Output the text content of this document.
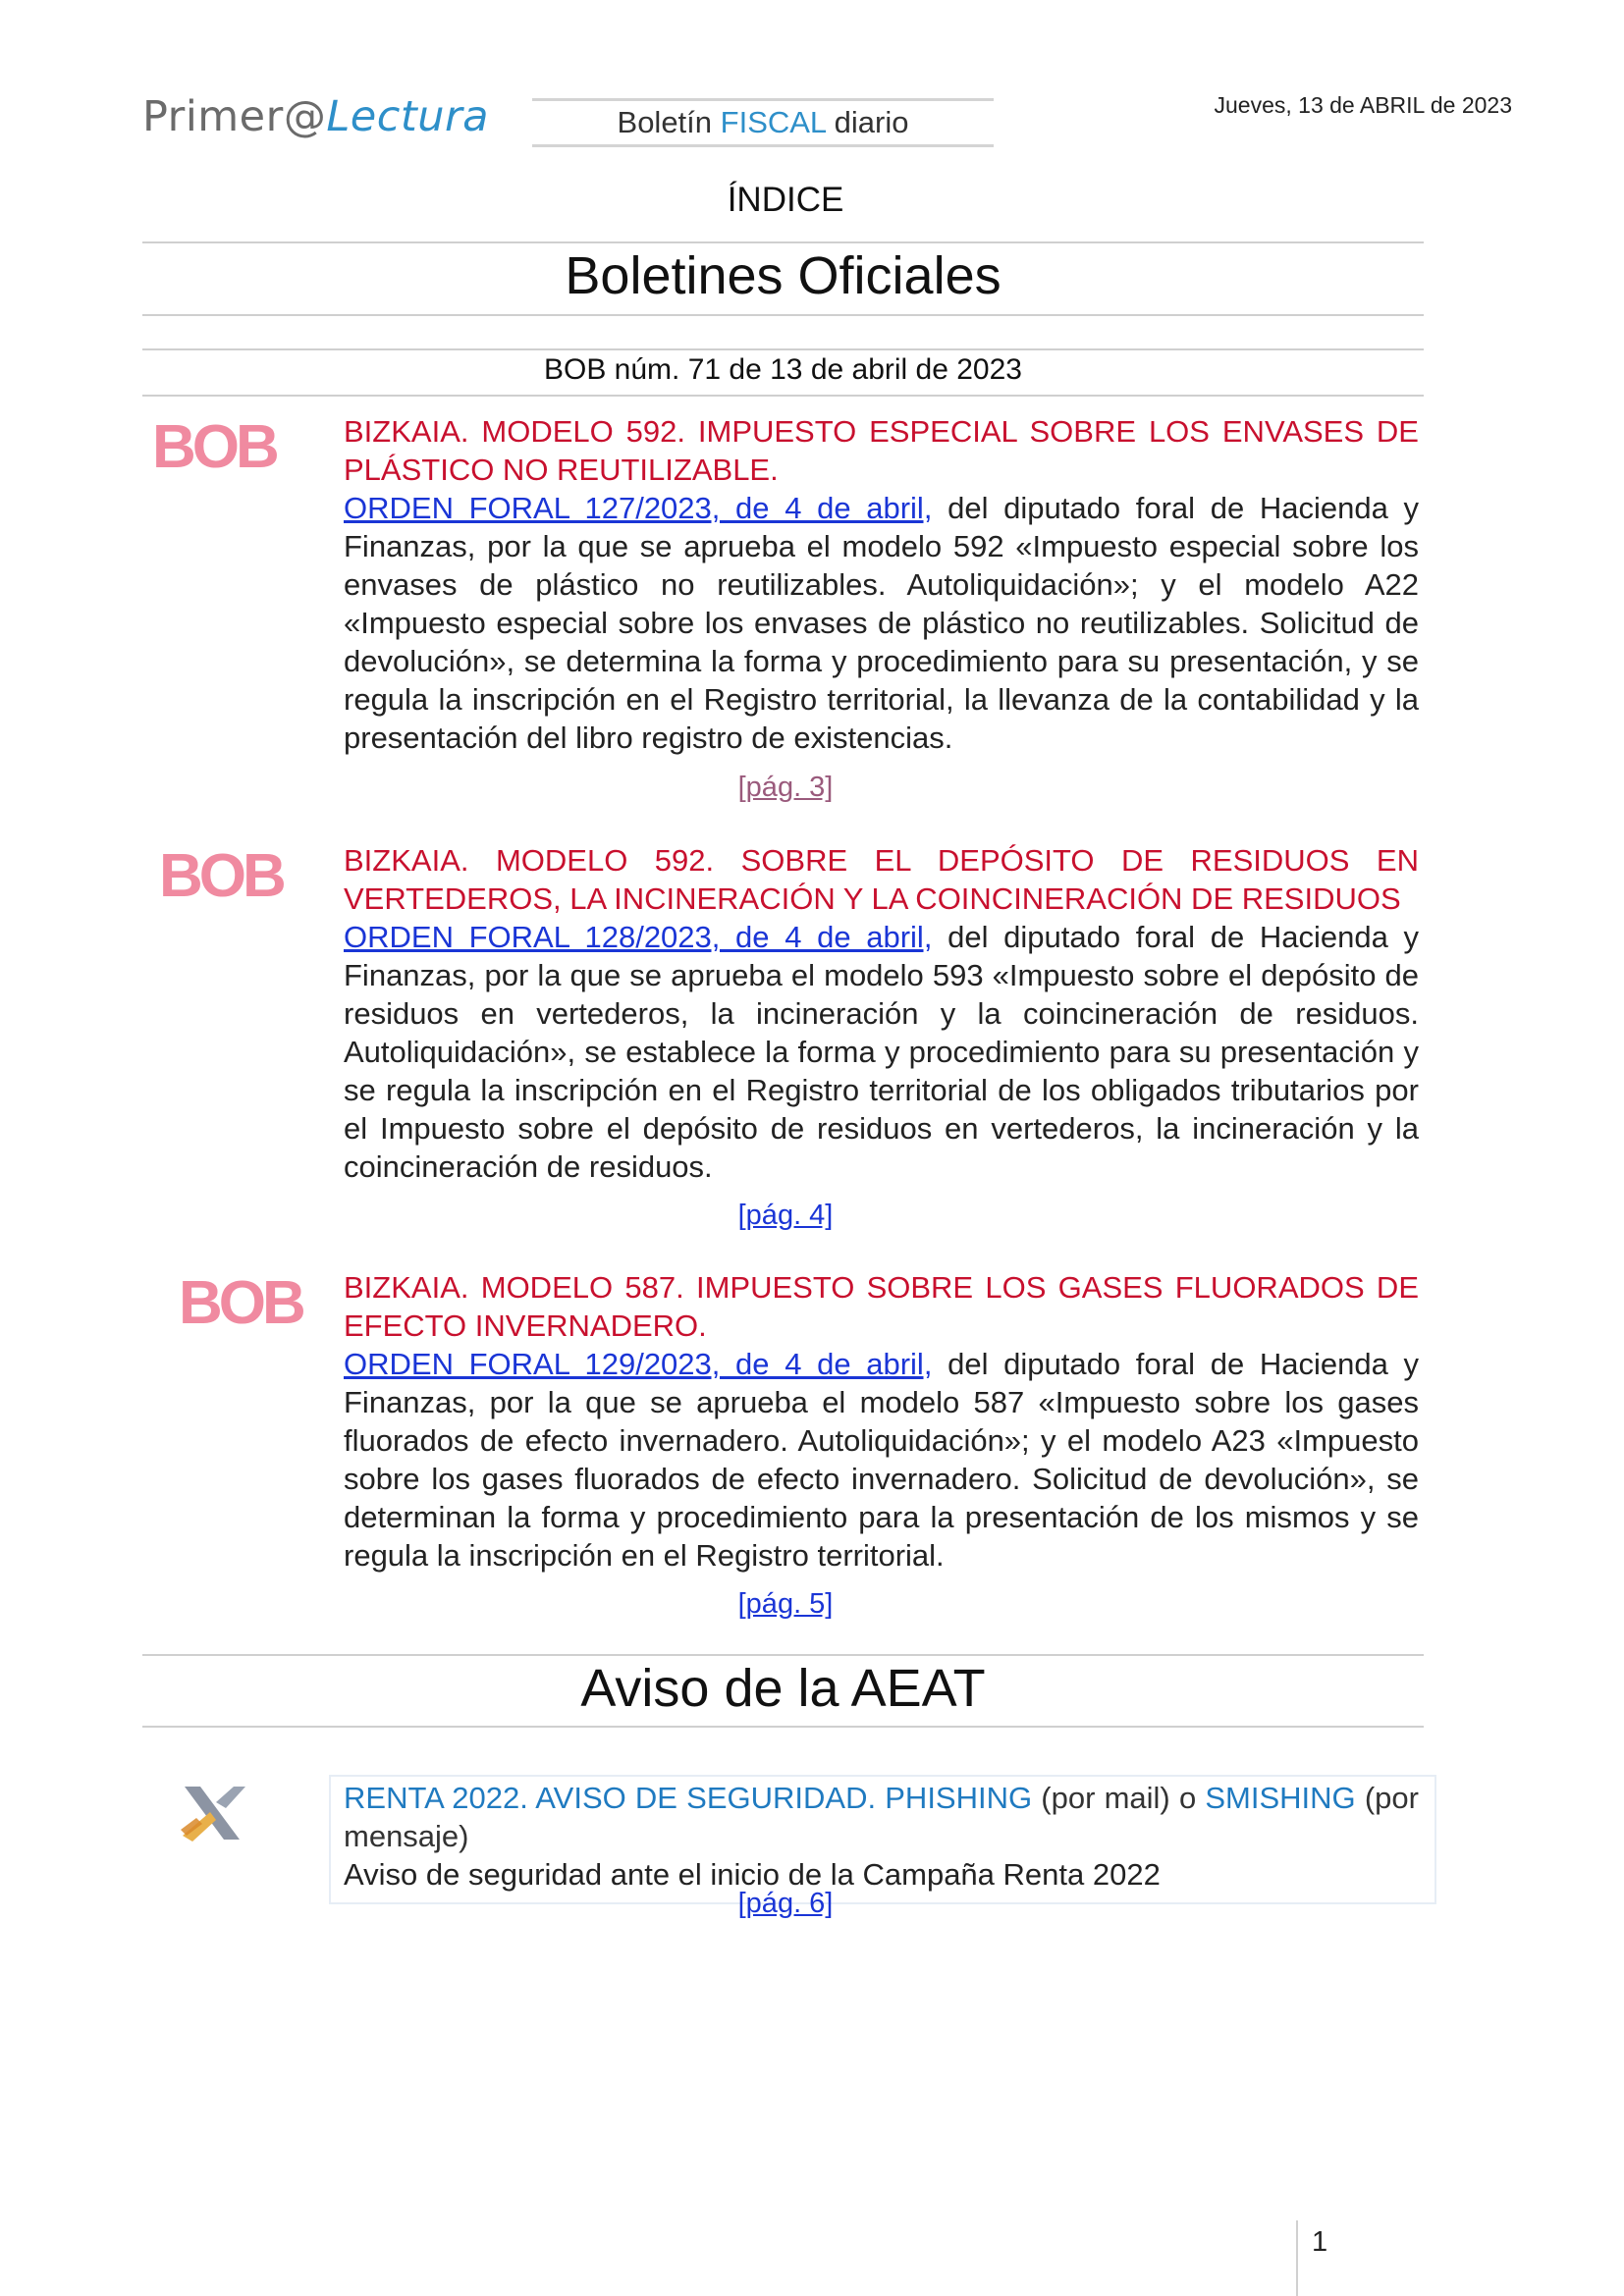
Primer@Lectura	Boletín FISCAL diario	Jueves, 13 de ABRIL de 2023
ÍNDICE
Boletines Oficiales
BOB núm. 71 de 13 de abril de 2023
BOB BIZKAIA. MODELO 592. IMPUESTO ESPECIAL SOBRE LOS ENVASES DE PLÁSTICO NO REUTILIZABLE.
ORDEN FORAL 127/2023, de 4 de abril, del diputado foral de Hacienda y Finanzas, por la que se aprueba el modelo 592 «Impuesto especial sobre los envases de plástico no reutilizables. Autoliquidación»; y el modelo A22 «Impuesto especial sobre los envases de plástico no reutilizables. Solicitud de devolución», se determina la forma y procedimiento para su presentación, y se regula la inscripción en el Registro territorial, la llevanza de la contabilidad y la presentación del libro registro de existencias.
[pág. 3]
BOB BIZKAIA. MODELO 592. SOBRE EL DEPÓSITO DE RESIDUOS EN VERTEDEROS, LA INCINERACIÓN Y LA COINCINERACIÓN DE RESIDUOS
ORDEN FORAL 128/2023, de 4 de abril, del diputado foral de Hacienda y Finanzas, por la que se aprueba el modelo 593 «Impuesto sobre el depósito de residuos en vertederos, la incineración y la coincineración de residuos. Autoliquidación», se establece la forma y procedimiento para su presentación y se regula la inscripción en el Registro territorial de los obligados tributarios por el Impuesto sobre el depósito de residuos en vertederos, la incineración y la coincineración de residuos.
[pág. 4]
BOB BIZKAIA. MODELO 587. IMPUESTO SOBRE LOS GASES FLUORADOS DE EFECTO INVERNADERO.
ORDEN FORAL 129/2023, de 4 de abril, del diputado foral de Hacienda y Finanzas, por la que se aprueba el modelo 587 «Impuesto sobre los gases fluorados de efecto invernadero. Autoliquidación»; y el modelo A23 «Impuesto sobre los gases fluorados de efecto invernadero. Solicitud de devolución», se determinan la forma y procedimiento para la presentación de los mismos y se regula la inscripción en el Registro territorial.
[pág. 5]
Aviso de la AEAT
RENTA 2022. AVISO DE SEGURIDAD. PHISHING (por mail) o SMISHING (por mensaje)
Aviso de seguridad ante el inicio de la Campaña Renta 2022
[pág. 6]
1
